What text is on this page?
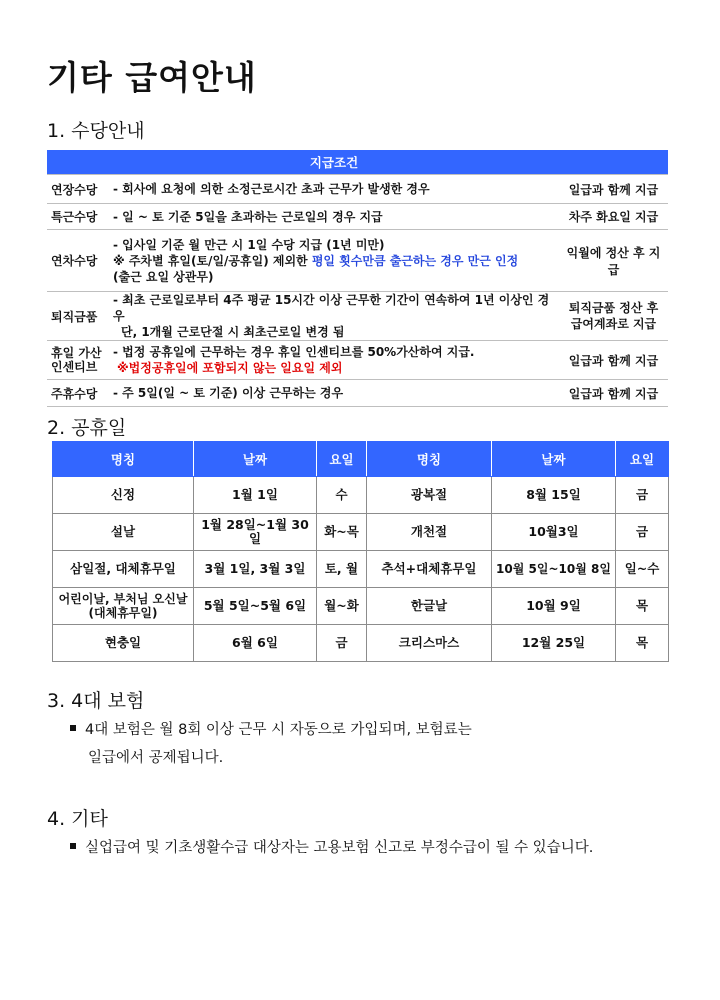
기타 급여안내
1. 수당안내
	지급조건	
연장수당	- 회사에 요청에 의한 소정근로시간 초과 근무가 발생한 경우	일급과 함께 지급
특근수당	- 일 ~ 토 기준 5일을 초과하는 근로일의 경우 지급	차주 화요일 지급
연차수당	- 입사일 기준 월 만근 시 1일 수당 지급 (1년 미만)
※ 주차별 휴일(토/일/공휴일) 제외한 평일 횟수만큼 출근하는 경우 만근 인정
(출근 요일 상관무)	익월에 정산 후 지급
퇴직금품	- 최초 근로일로부터 4주 평균 15시간 이상 근무한 기간이 연속하여 1년 이상인 경우
단, 1개월 근로단절 시 최초근로일 변경 됨	퇴직금품 정산 후 급여계좌로 지급
휴일 가산 인센티브	- 법정 공휴일에 근무하는 경우 휴일 인센티브를 50%가산하여 지급.
※법정공휴일에 포함되지 않는 일요일 제외	일급과 함께 지급
주휴수당	- 주 5일(일 ~ 토 기준) 이상 근무하는 경우	일급과 함께 지급
2. 공휴일
명칭	날짜	요일	명칭	날짜	요일
신정	1월 1일	수	광복절	8월 15일	금
설날	1월 28일~1월 30일	화~목	개천절	10월3일	금
삼일절, 대체휴무일	3월 1일, 3월 3일	토, 월	추석+대체휴무일	10월 5일~10월 8일	일~수
어린이날, 부처님 오신날 (대체휴무일)	5월 5일~5월 6일	월~화	한글날	10월 9일	목
현충일	6월 6일	금	크리스마스	12월 25일	목
3. 4대 보험
4대 보험은 월 8회 이상 근무 시 자동으로 가입되며, 보험료는
일급에서 공제됩니다.
4. 기타
실업급여 및 기초생활수급 대상자는 고용보험 신고로 부정수급이 될 수 있습니다.
